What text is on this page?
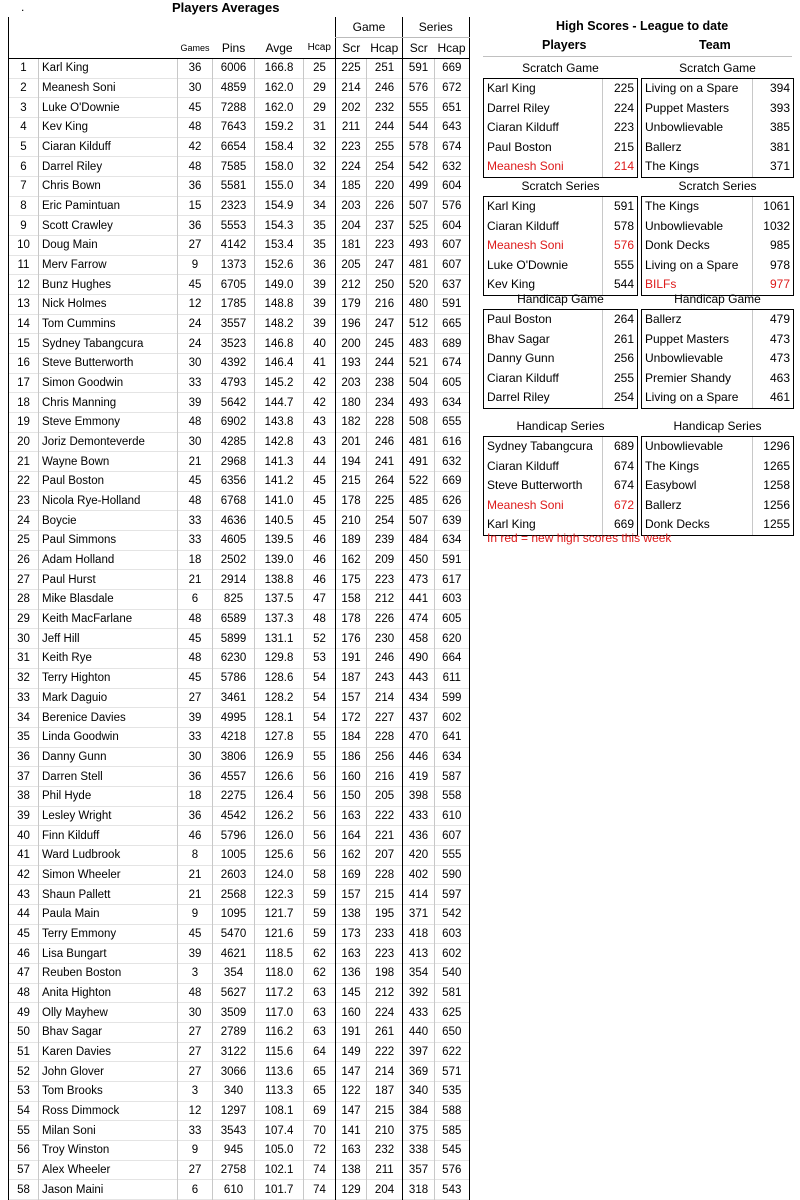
.	Players Averages
						Game		Series	
		Games	Pins	Avge	Hcap	Scr	Hcap	Scr	Hcap
1	Karl King	36	6006	166.8	25	225	251	591	669
2	Meanesh Soni	30	4859	162.0	29	214	246	576	672
3	Luke O'Downie	45	7288	162.0	29	202	232	555	651
4	Kev King	48	7643	159.2	31	211	244	544	643
5	Ciaran Kilduff	42	6654	158.4	32	223	255	578	674
6	Darrel Riley	48	7585	158.0	32	224	254	542	632
7	Chris Bown	36	5581	155.0	34	185	220	499	604
8	Eric Pamintuan	15	2323	154.9	34	203	226	507	576
9	Scott Crawley	36	5553	154.3	35	204	237	525	604
10	Doug Main	27	4142	153.4	35	181	223	493	607
11	Merv Farrow	9	1373	152.6	36	205	247	481	607
12	Bunz Hughes	45	6705	149.0	39	212	250	520	637
13	Nick Holmes	12	1785	148.8	39	179	216	480	591
14	Tom Cummins	24	3557	148.2	39	196	247	512	665
15	Sydney Tabangcura	24	3523	146.8	40	200	245	483	689
16	Steve Butterworth	30	4392	146.4	41	193	244	521	674
17	Simon Goodwin	33	4793	145.2	42	203	238	504	605
18	Chris Manning	39	5642	144.7	42	180	234	493	634
19	Steve Emmony	48	6902	143.8	43	182	228	508	655
20	Joriz Demonteverde	30	4285	142.8	43	201	246	481	616
21	Wayne Bown	21	2968	141.3	44	194	241	491	632
22	Paul Boston	45	6356	141.2	45	215	264	522	669
23	Nicola Rye-Holland	48	6768	141.0	45	178	225	485	626
24	Boycie	33	4636	140.5	45	210	254	507	639
25	Paul Simmons	33	4605	139.5	46	189	239	484	634
26	Adam Holland	18	2502	139.0	46	162	209	450	591
27	Paul Hurst	21	2914	138.8	46	175	223	473	617
28	Mike Blasdale	6	825	137.5	47	158	212	441	603
29	Keith MacFarlane	48	6589	137.3	48	178	226	474	605
30	Jeff Hill	45	5899	131.1	52	176	230	458	620
31	Keith Rye	48	6230	129.8	53	191	246	490	664
32	Terry Highton	45	5786	128.6	54	187	243	443	611
33	Mark Daguio	27	3461	128.2	54	157	214	434	599
34	Berenice Davies	39	4995	128.1	54	172	227	437	602
35	Linda Goodwin	33	4218	127.8	55	184	228	470	641
36	Danny Gunn	30	3806	126.9	55	186	256	446	634
37	Darren Stell	36	4557	126.6	56	160	216	419	587
38	Phil Hyde	18	2275	126.4	56	150	205	398	558
39	Lesley Wright	36	4542	126.2	56	163	222	433	610
40	Finn Kilduff	46	5796	126.0	56	164	221	436	607
41	Ward Ludbrook	8	1005	125.6	56	162	207	420	555
42	Simon Wheeler	21	2603	124.0	58	169	228	402	590
43	Shaun Pallett	21	2568	122.3	59	157	215	414	597
44	Paula Main	9	1095	121.7	59	138	195	371	542
45	Terry Emmony	45	5470	121.6	59	173	233	418	603
46	Lisa Bungart	39	4621	118.5	62	163	223	413	602
47	Reuben Boston	3	354	118.0	62	136	198	354	540
48	Anita Highton	48	5627	117.2	63	145	212	392	581
49	Olly Mayhew	30	3509	117.0	63	160	224	433	625
50	Bhav Sagar	27	2789	116.2	63	191	261	440	650
51	Karen Davies	27	3122	115.6	64	149	222	397	622
52	John Glover	27	3066	113.6	65	147	214	369	571
53	Tom Brooks	3	340	113.3	65	122	187	340	535
54	Ross Dimmock	12	1297	108.1	69	147	215	384	588
55	Milan Soni	33	3543	107.4	70	141	210	375	585
56	Troy Winston	9	945	105.0	72	163	232	338	545
57	Alex Wheeler	27	2758	102.1	74	138	211	357	576
58	Jason Maini	6	610	101.7	74	129	204	318	543
High Scores - League to date
Players	Team
Scratch Game	Scratch Game
Karl King	225
Darrel Riley	224
Ciaran Kilduff	223
Paul Boston	215
Meanesh Soni	214
Living on a Spare	394
Puppet Masters	393
Unbowlievable	385
Ballerz	381
The Kings	371
Scratch Series	Scratch Series
Karl King	591
Ciaran Kilduff	578
Meanesh Soni	576
Luke O'Downie	555
Kev King	544
The Kings	1061
Unbowlievable	1032
Donk Decks	985
Living on a Spare	978
BILFs	977
Handicap Game	Handicap Game
Paul Boston	264
Bhav Sagar	261
Danny Gunn	256
Ciaran Kilduff	255
Darrel Riley	254
Ballerz	479
Puppet Masters	473
Unbowlievable	473
Premier Shandy	463
Living on a Spare	461
Handicap Series	Handicap Series
Sydney Tabangcura	689
Ciaran Kilduff	674
Steve Butterworth	674
Meanesh Soni	672
Karl King	669
Unbowlievable	1296
The Kings	1265
Easybowl	1258
Ballerz	1256
Donk Decks	1255
In red = new high scores this week
